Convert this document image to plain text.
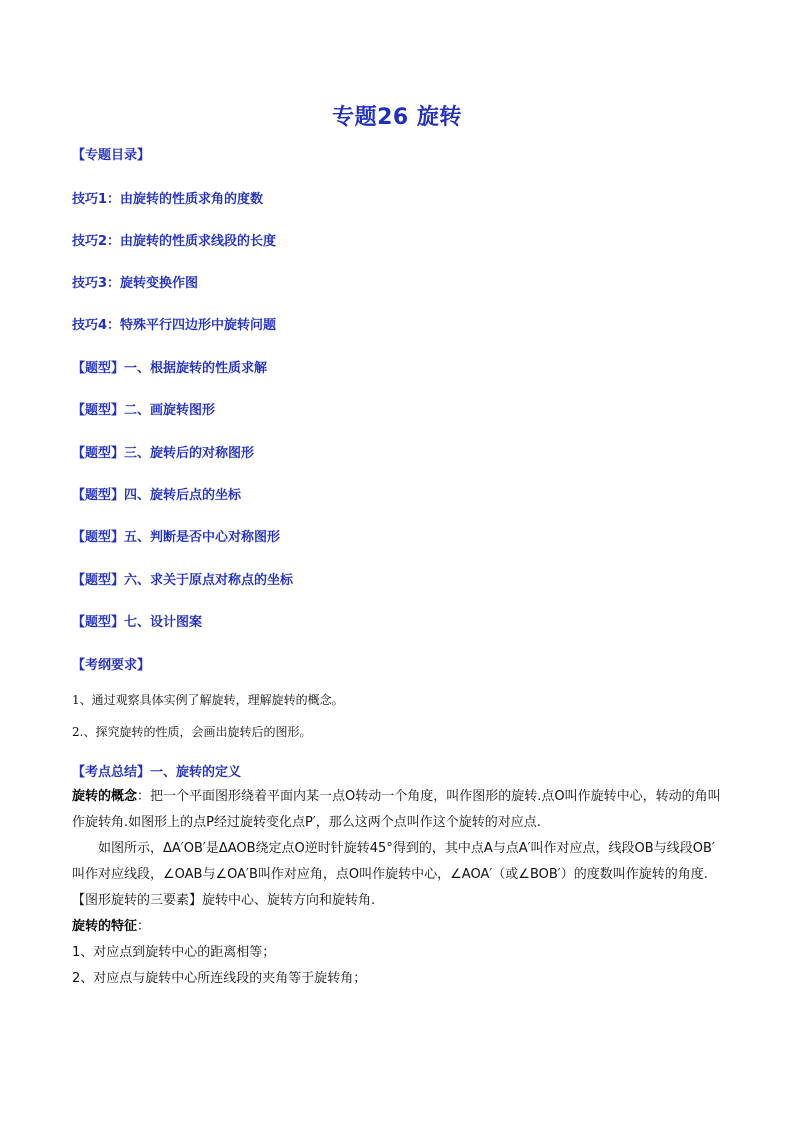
专题26 旋转
【专题目录】
技巧1：由旋转的性质求角的度数
技巧2：由旋转的性质求线段的长度
技巧3：旋转变换作图
技巧4：特殊平行四边形中旋转问题
【题型】一、根据旋转的性质求解
【题型】二、画旋转图形
【题型】三、旋转后的对称图形
【题型】四、旋转后点的坐标
【题型】五、判断是否中心对称图形
【题型】六、求关于原点对称点的坐标
【题型】七、设计图案
【考纲要求】
1、通过观察具体实例了解旋转，理解旋转的概念。
2.、探究旋转的性质，会画出旋转后的图形。
【考点总结】一、旋转的定义

旋转的概念：把一个平面图形绕着平面内某一点O转动一个角度，叫作图形的旋转.点O叫作旋转中心，转动的角叫作旋转角.如图形上的点P经过旋转变化点P′，那么这两个点叫作这个旋转的对应点.

如图所示，ΔA′OB′是ΔAOB绕定点O逆时针旋转45°得到的，其中点A与点A′叫作对应点，线段OB与线段OB′叫作对应线段，∠OAB与∠OA′B叫作对应角，点O叫作旋转中心，∠AOA′（或∠BOB′）的度数叫作旋转的角度.

【图形旋转的三要素】旋转中心、旋转方向和旋转角.

旋转的特征：

1、对应点到旋转中心的距离相等；

2、对应点与旋转中心所连线段的夹角等于旋转角；
